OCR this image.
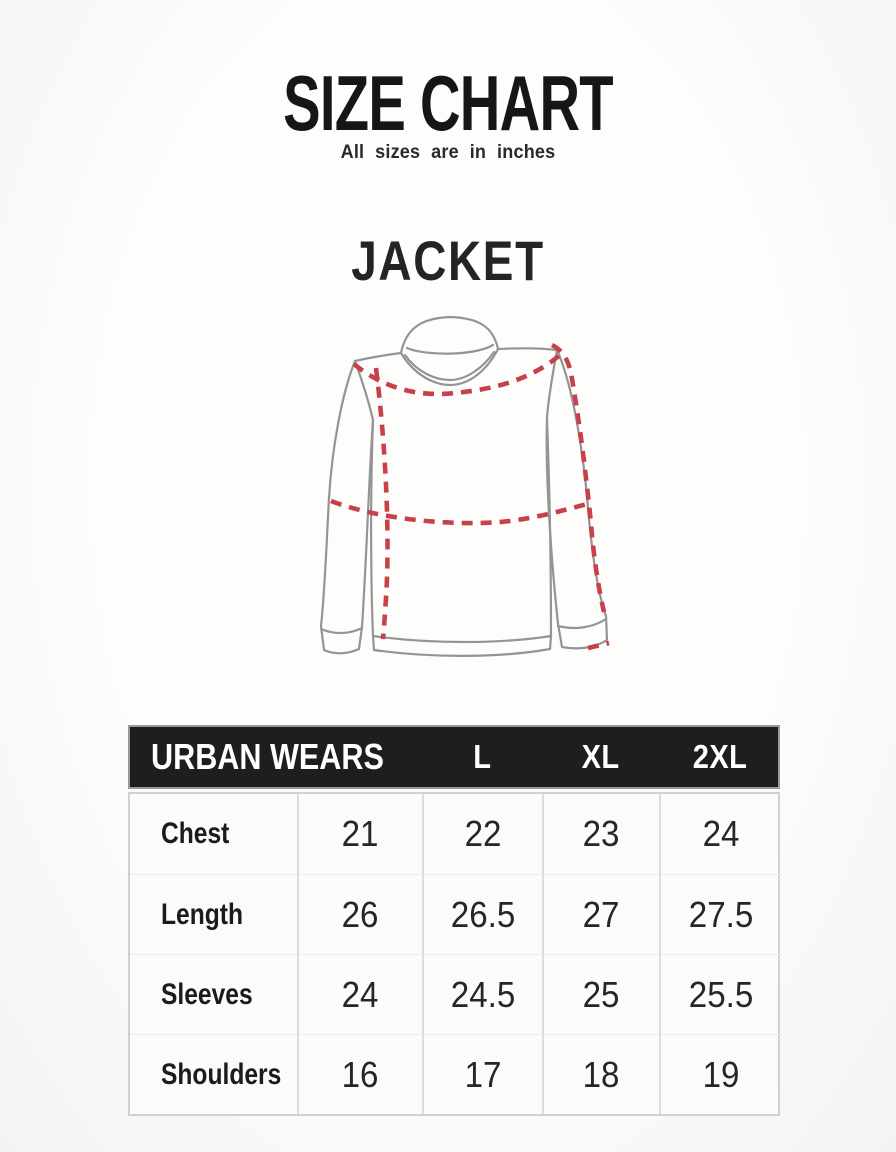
SIZE CHART
All sizes are in inches
JACKET
URBAN WEARS	L	XL 2XL
Chest	21 22 23 24
Length	26 26.5 27 27.5
Sleeves 24 24.5 25 25.5
Shoulders 16 17 18 19
